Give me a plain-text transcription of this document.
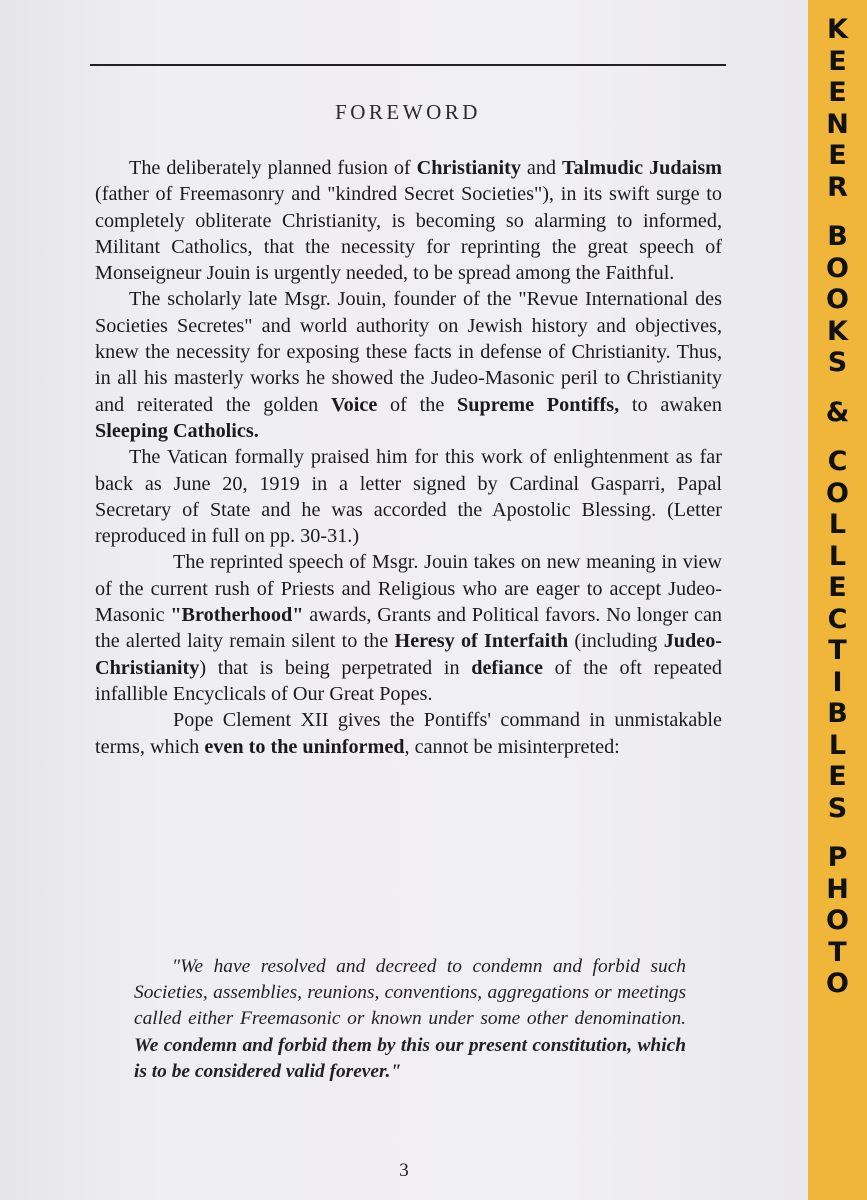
FOREWORD

The deliberately planned fusion of Christianity and Talmudic Judaism (father of Freemasonry and "kindred Secret Societies"), in its swift surge to completely obliterate Christianity, is becoming so alarming to informed, Militant Catholics, that the necessity for reprinting the great speech of Monseigneur Jouin is urgently needed, to be spread among the Faithful.

The scholarly late Msgr. Jouin, founder of the "Revue International des Societies Secretes" and world authority on Jewish history and objectives, knew the necessity for exposing these facts in defense of Christianity. Thus, in all his masterly works he showed the Judeo-Masonic peril to Christianity and reiterated the golden Voice of the Supreme Pontiffs, to awaken Sleeping Catholics.

The Vatican formally praised him for this work of enlightenment as far back as June 20, 1919 in a letter signed by Cardinal Gasparri, Papal Secretary of State and he was accorded the Apostolic Blessing. (Letter reproduced in full on pp. 30-31.)

The reprinted speech of Msgr. Jouin takes on new meaning in view of the current rush of Priests and Religious who are eager to accept Judeo-Masonic "Brotherhood" awards, Grants and Political favors. No longer can the alerted laity remain silent to the Heresy of Interfaith (including Judeo-Christianity) that is being perpetrated in defiance of the oft repeated infallible Encyclicals of Our Great Popes.

Pope Clement XII gives the Pontiffs' command in unmistakable terms, which even to the uninformed, cannot be misinterpreted:

"We have resolved and decreed to condemn and forbid such Societies, assemblies, reunions, conventions, aggregations or meetings called either Freemasonic or known under some other denomination. We condemn and forbid them by this our present constitution, which is to be considered valid forever."

3
K
E
E
N
E
R
B
O
O
K
S
&
C
O
L
L
E
C
T
I
B
L
E
S
P
H
O
T
O
